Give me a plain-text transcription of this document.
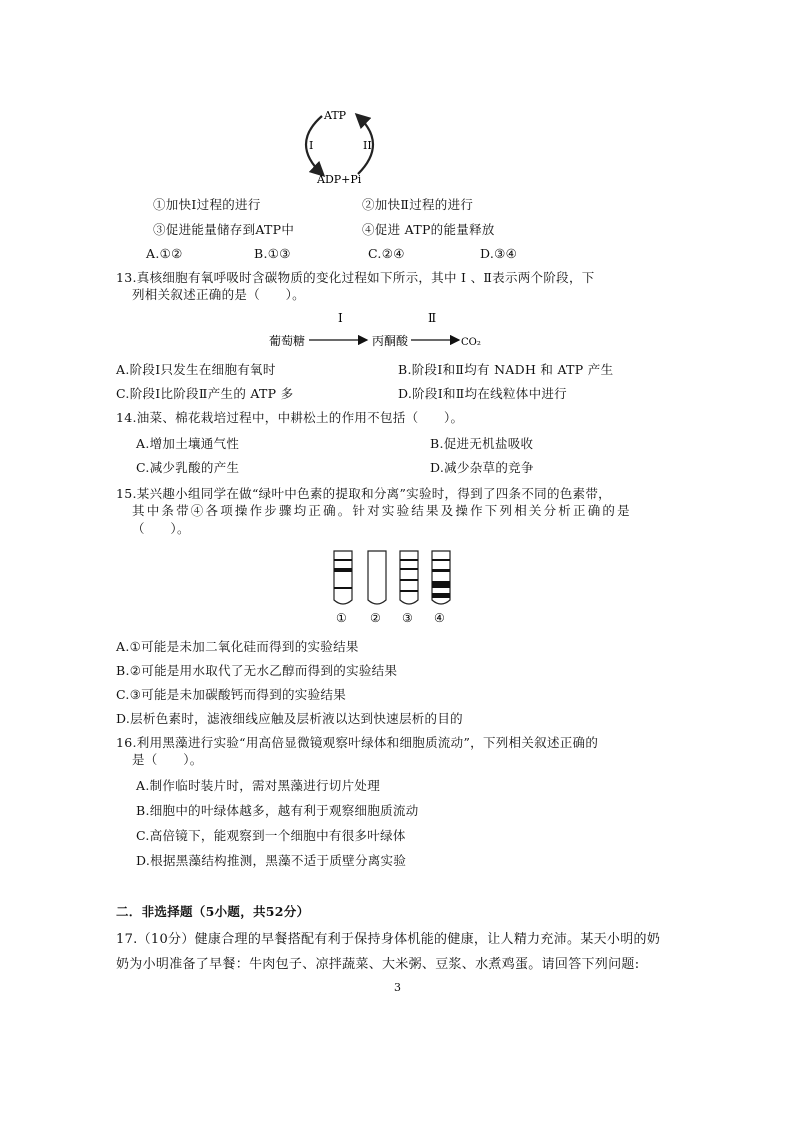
ATP
ADP+Pi
I	II
①加快Ⅰ过程的进行	②加快Ⅱ过程的进行
③促进能量储存到ATP中	④促进 ATP的能量释放
A.①②	B.①③	C.②④	D.③④
13.真核细胞有氧呼吸时含碳物质的变化过程如下所示，其中 Ⅰ 、Ⅱ表示两个阶段，下
列相关叙述正确的是（　　）。
Ⅰ	Ⅱ
葡萄糖	丙酮酸	CO₂
A.阶段Ⅰ只发生在细胞有氧时	B.阶段Ⅰ和Ⅱ均有 NADH 和 ATP 产生
C.阶段Ⅰ比阶段Ⅱ产生的 ATP 多	D.阶段Ⅰ和Ⅱ均在线粒体中进行
14.油菜、棉花栽培过程中，中耕松土的作用不包括（　　）。
A.增加土壤通气性	B.促进无机盐吸收
C.减少乳酸的产生	D.减少杂草的竞争
15.某兴趣小组同学在做“绿叶中色素的提取和分离”实验时，得到了四条不同的色素带，
其中条带④各项操作步骤均正确。针对实验结果及操作下列相关分析正确的是
（　　）。
① ② ③ ④
A.①可能是未加二氧化硅而得到的实验结果
B.②可能是用水取代了无水乙醇而得到的实验结果
C.③可能是未加碳酸钙而得到的实验结果
D.层析色素时，滤液细线应触及层析液以达到快速层析的目的
16.利用黑藻进行实验“用高倍显微镜观察叶绿体和细胞质流动”，下列相关叙述正确的
是（　　）。
A.制作临时装片时，需对黑藻进行切片处理
B.细胞中的叶绿体越多，越有利于观察细胞质流动
C.高倍镜下，能观察到一个细胞中有很多叶绿体
D.根据黑藻结构推测，黑藻不适于质壁分离实验
二．非选择题（5小题，共52分）
17.（10分）健康合理的早餐搭配有利于保持身体机能的健康，让人精力充沛。某天小明的奶
奶为小明准备了早餐：牛肉包子、凉拌蔬菜、大米粥、豆浆、水煮鸡蛋。请回答下列问题:
3
